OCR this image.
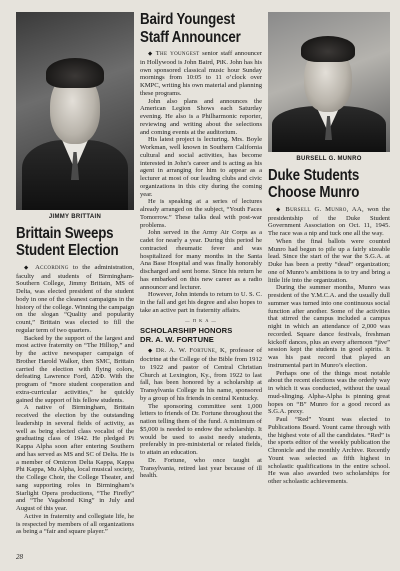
JIMMY BRITTAIN
Brittain Sweeps
Student Election

◆ According to the administration, faculty and students of Birmingham-Southern College, Jimmy Brittain, MS of Delta, was elected president of the student body in one of the cleanest campaigns in the history of the college. Winning the campaign on the slogan “Quality and popularity count,” Brittain was elected to fill the regular term of two quarters.

Backed by the support of the largest and most active fraternity on “The Hilltop,” and by the active newspaper campaign of Brother Harold Walker, then SMC, Brittain carried the election with flying colors, defeating Lawrence Ford, ΔΣΦ. With the program of “more student cooperation and extra-curricular activities,” he quickly gained the support of his fellow students.

A native of Birmingham, Brittain received the election by the outstanding leadership in several fields of activity, as well as being elected class vocalist of the graduating class of 1942. He pledged Pi Kappa Alpha soon after entering Southern and has served as MS and SC of Delta. He is a member of Omicron Delta Kappa, Kappa Phi Kappa, Mu Alpha, local musical society, the College Choir, the College Theater, and sang supporting roles in Birmingham’s Starlight Opera productions, “The Firefly” and “The Vagabond King” in July and August of this year.

Active in fraternity and collegiate life, he is respected by members of all organizations as being a “fair and square player.”

Baird Youngest
Staff Announcer

◆ The youngest senior staff announcer in Hollywood is John Baird, PiK. John has his own sponsored classical music hour Sunday mornings from 10:05 to 11 o’clock over KMPC, writing his own material and planning these programs.

John also plans and announces the American Legion Shows each Saturday evening. He also is a Philharmonic reporter, reviewing and writing about the selections and coming events at the auditorium.

His latest project is lecturing. Mrs. Boyle Workman, well known in Southern California cultural and social activities, has become interested in John’s career and is acting as his agent in arranging for him to appear as a lecturer at most of our leading clubs and civic organizations in this city during the coming year.

He is speaking at a series of lectures already arranged on the subject, “Youth Faces Tomorrow.” These talks deal with post-war problems.

John served in the Army Air Corps as a cadet for nearly a year. During this period he contracted rheumatic fever and was hospitalized for many months in the Santa Ana Base Hospital and was finally honorably discharged and sent home. Since his return he has embarked on this new career as a radio announcer and lecturer.

However, John intends to return to U. S. C. in the fall and get his degree and also hopes to take an active part in fraternity affairs.

— Π K A —
SCHOLARSHIP HONORS
DR. A. W. FORTUNE

◆ Dr. A. W. Fortune, K, professor of doctrine at the College of the Bible from 1912 to 1922 and pastor of Central Christian Church at Lexington, Ky., from 1922 to last fall, has been honored by a scholarship at Transylvania College in his name, sponsored by a group of his friends in central Kentucky.

The sponsoring committee sent 1,000 letters to friends of Dr. Fortune throughout the nation telling them of the fund. A minimum of $5,000 is needed to endow the scholarship. It would be used to assist needy students, preferably in pre-ministerial or related fields, to attain an education.

Dr. Fortune, who once taught at Transylvania, retired last year because of ill health.

BURSELL G. MUNRO
Duke Students
Choose Munro

◆ Bursell G. Munro, AA, won the presidentship of the Duke Student Government Association on Oct. 11, 1945. The race was a nip and tuck one all the way.

When the final ballots were counted Munro had begun to pile up a fairly sizeable lead. Since the start of the war the S.G.A. at Duke has been a pretty “dead” organization; one of Munro’s ambitions is to try and bring a little life into the organization.

During the summer months, Munro was president of the Y.M.C.A. and the usually dull summer was turned into one continuous social function after another. Some of the activities that stirred the campus included a campus night in which an attendance of 2,000 was recorded. Square dance festivals, freshman kickoff dances, plus an every afternoon “jive” session kept the students in good spirits. It was his past record that played an instrumental part in Munro’s election.

Perhaps one of the things most notable about the recent elections was the orderly way in which it was conducted, without the usual mud-slinging. Alpha-Alpha is pinning great hopes on “B” Munro for a good record as S.G.A. prexy.

Paul “Red” Yount was elected to Publications Board. Yount came through with the highest vote of all the candidates. “Red” is the sports editor of the weekly publication the Chronicle and the monthly Archive. Recently Yount was selected as fifth highest in scholastic qualifications in the entire school. He was also awarded two scholarships for other scholastic achievements.

28
